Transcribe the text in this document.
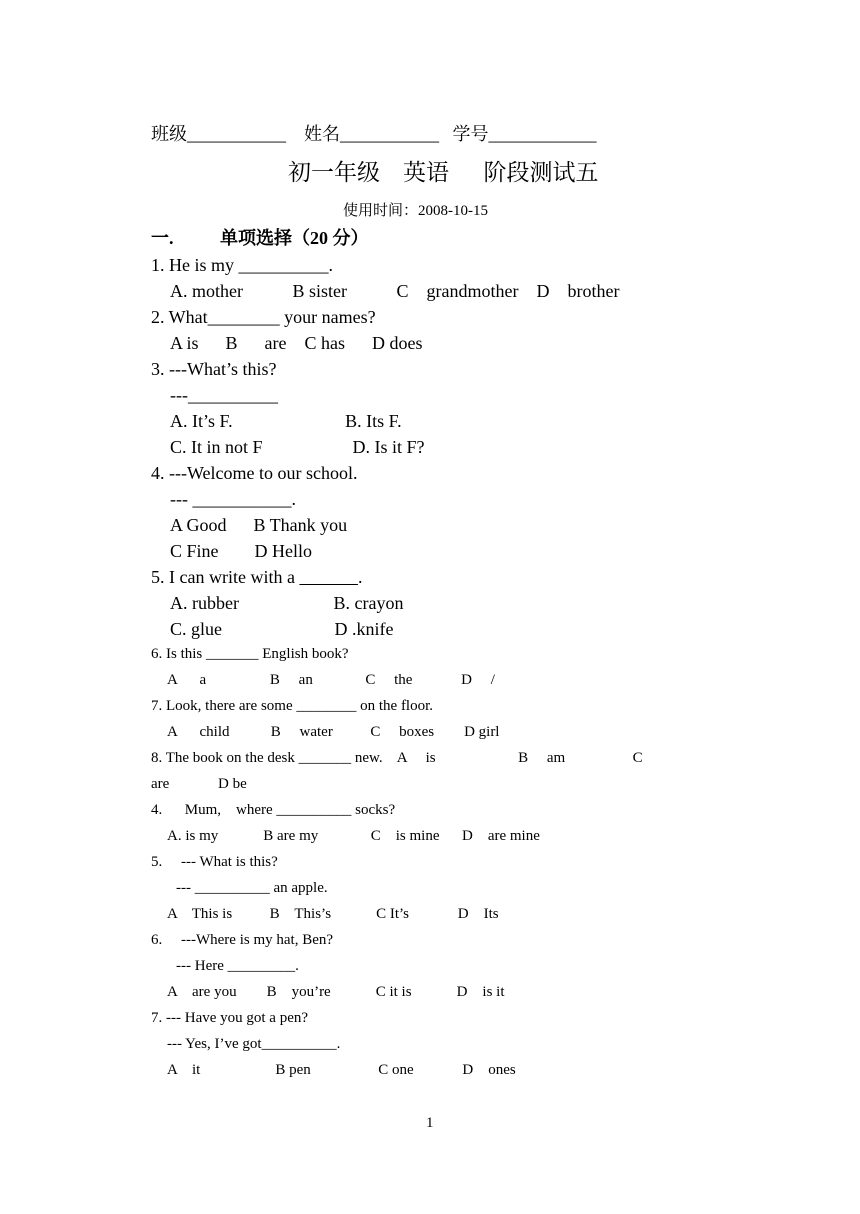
班级___________    姓名___________   学号____________
初一年级    英语      阶段测试五
使用时间：2008-10-15
一.	单项选择（20 分）
1. He is my __________.
A. mother           B sister           C    grandmother    D    brother
2. What________ your names?
A is      B      are    C has      D does
3. ---What’s this?
---__________
A. It’s F.                         B. Its F.
C. It in not F                    D. Is it F?
4. ---Welcome to our school.
--- ___________.
A Good      B Thank you
C Fine        D Hello
5. I can write with a	.
A. rubber                     B. crayon
C. glue                         D .knife
6. Is this _______ English book?
A      a                 B     an              C     the             D     /
7. Look, there are some ________ on the floor.
A      child           B     water          C     boxes        D girl
8. The book on the desk _______ new.    A     is                      B     am                  C
are             D be
4.      Mum,    where __________ socks?
A. is my            B are my              C    is mine      D    are mine
5.     --- What is this?
--- __________ an apple.
A    This is          B    This’s            C It’s             D    Its
6.     ---Where is my hat, Ben?
--- Here _________.
A    are you        B    you’re            C it is            D    is it
7. --- Have you got a pen?
--- Yes, I’ve got__________.
A    it                    B pen                  C one             D    ones
1
